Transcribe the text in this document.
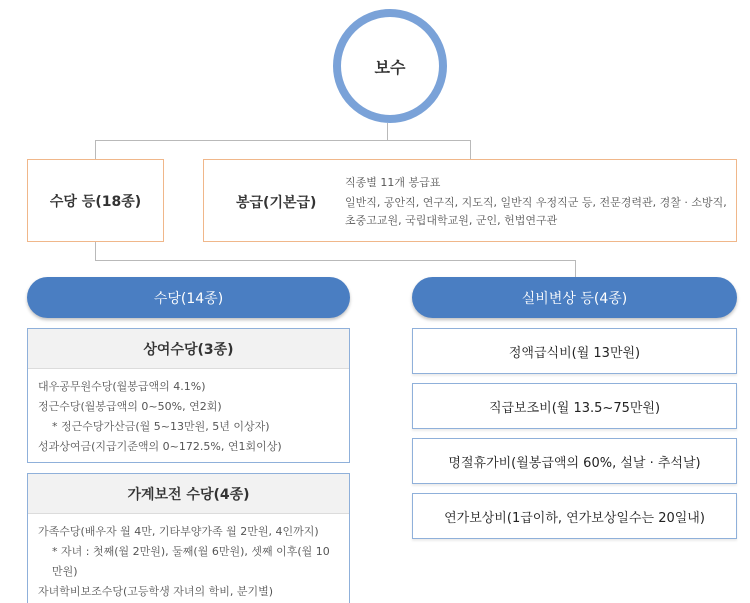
보수
수당 등(18종)	봉급(기본급)
직종별 11개 봉급표
일반직, 공안직, 연구직, 지도직, 일반직 우정직군 등, 전문경력관, 경찰 · 소방직,
초중고교원, 국립대학교원, 군인, 헌법연구관
수당(14종)	실비변상 등(4종)
상여수당(3종)
대우공무원수당(월봉급액의 4.1%)
정근수당(월봉급액의 0~50%, 연2회)
* 정근수당가산금(월 5~13만원, 5년 이상자)
성과상여금(지급기준액의 0~172.5%, 연1회이상)
가계보전 수당(4종)
가족수당(배우자 월 4만, 기타부양가족 월 2만원, 4인까지)
* 자녀 : 첫째(월 2만원), 둘째(월 6만원), 셋째 이후(월 10만원)
자녀학비보조수당(고등학생 자녀의 학비, 분기별)
정액급식비(월 13만원)
직급보조비(월 13.5~75만원)
명절휴가비(월봉급액의 60%, 설날 · 추석날)
연가보상비(1급이하, 연가보상일수는 20일내)
